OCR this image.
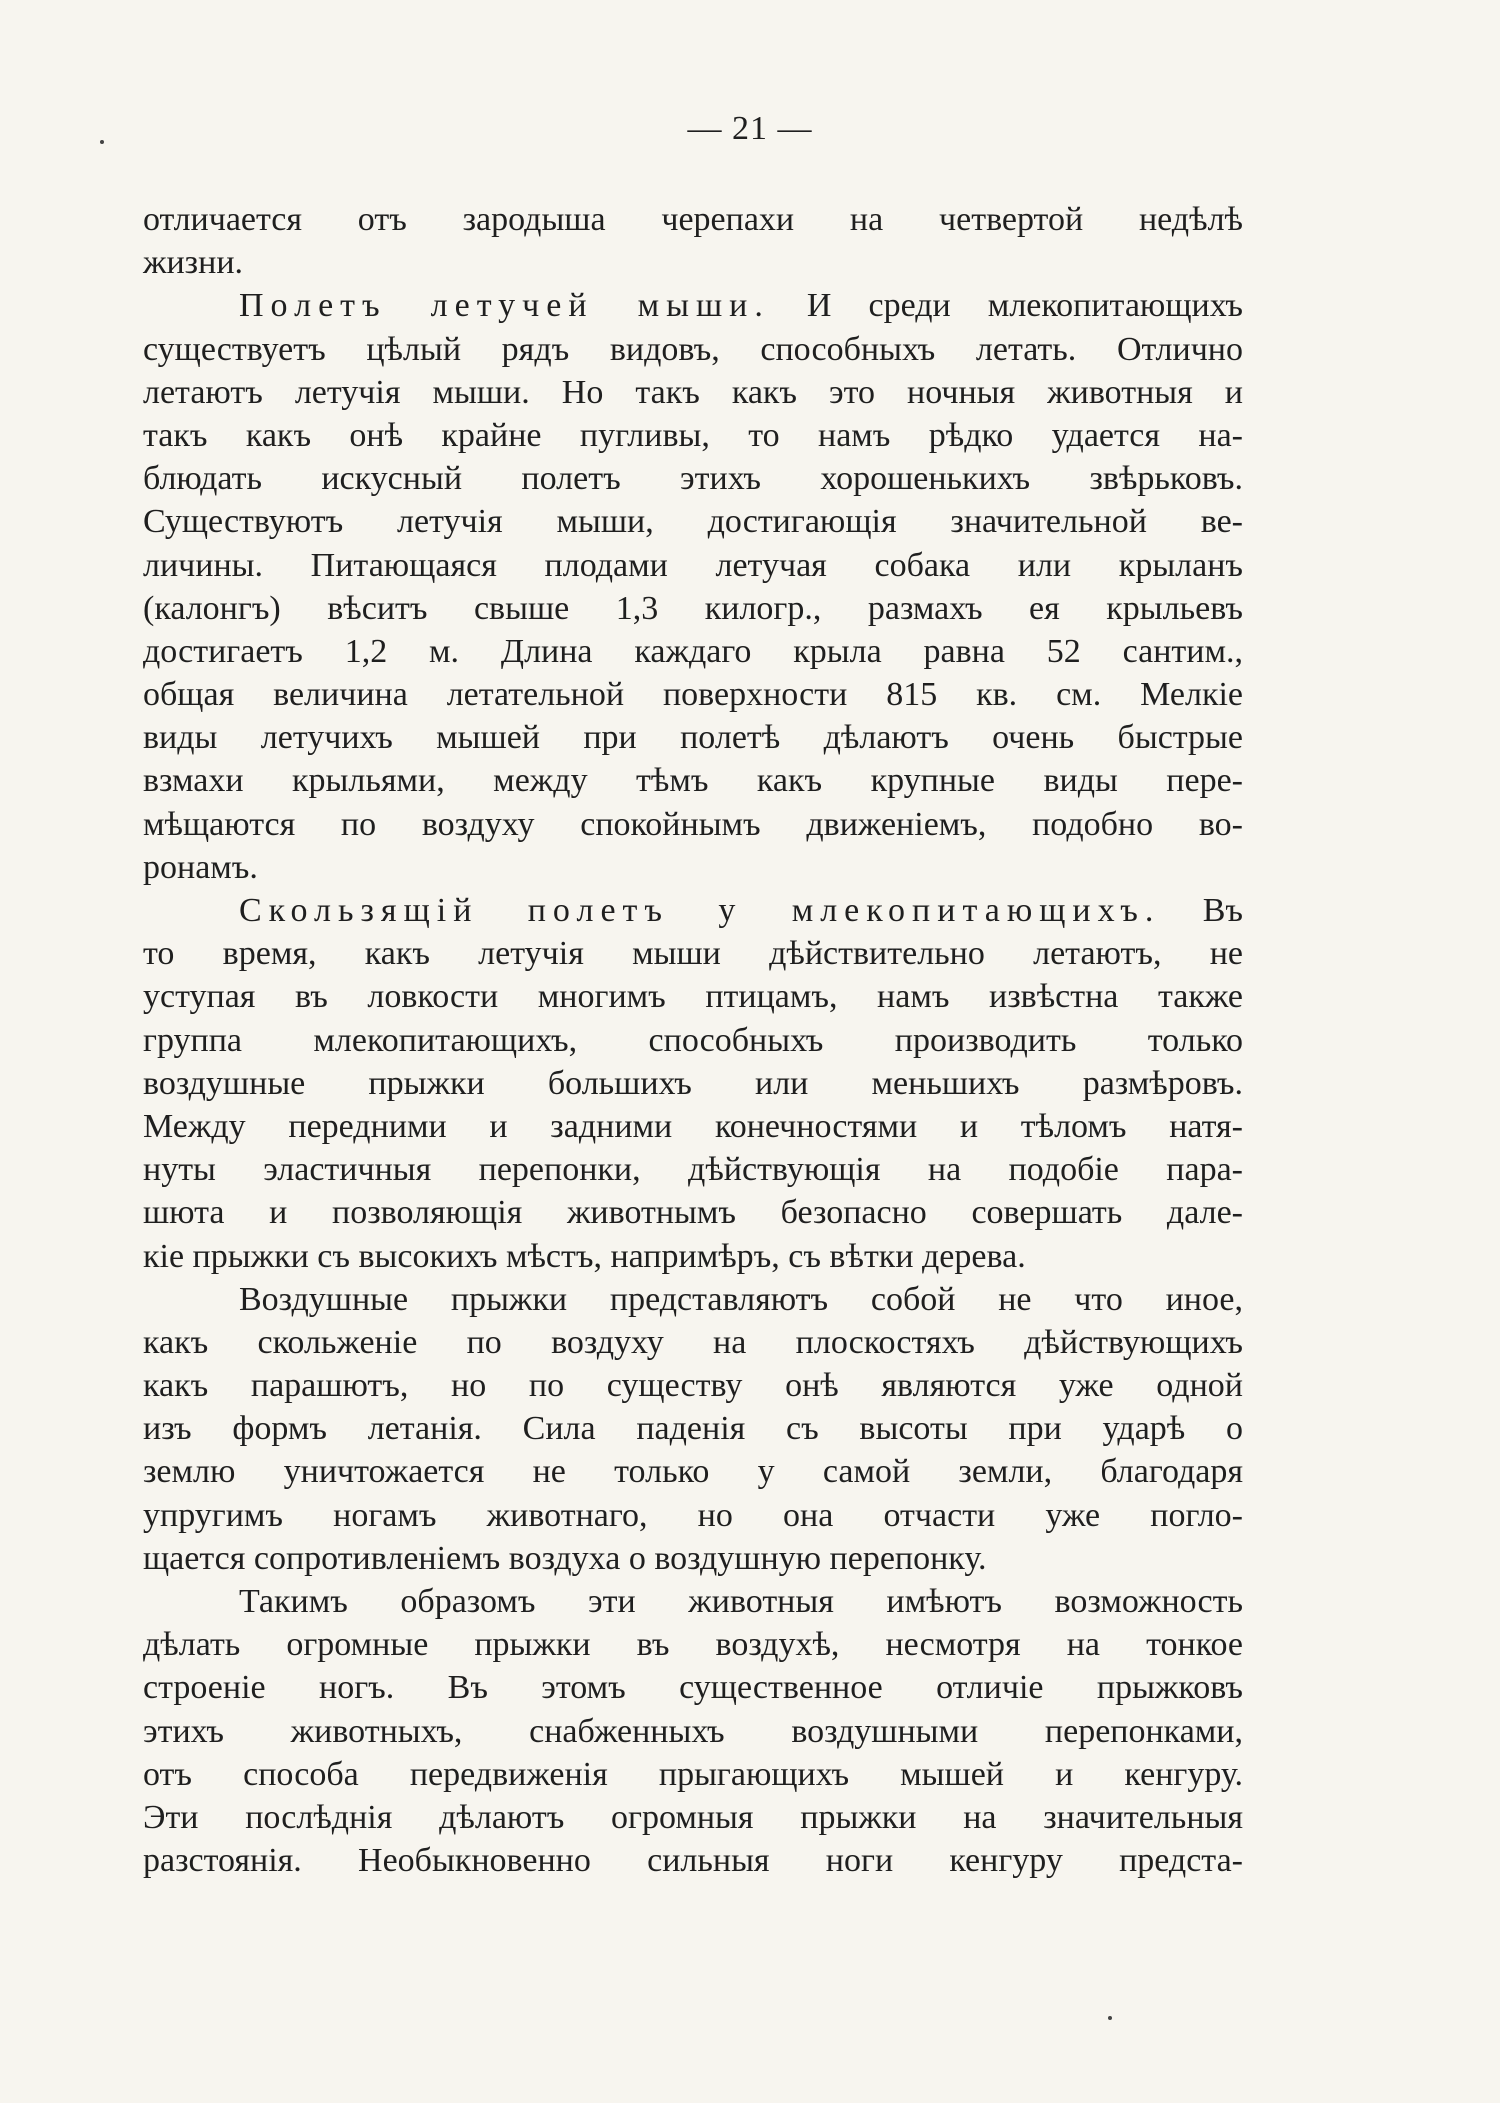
— 21 —
отличается отъ зародыша черепахи на четвертой недѣлѣ
жизни.
Полетъ летучей мыши. И среди млекопитающихъ
существуетъ цѣлый рядъ видовъ, способныхъ летать. Отлично
летаютъ летучія мыши. Но такъ какъ это ночныя животныя и
такъ какъ онѣ крайне пугливы, то намъ рѣдко удается на-
блюдать искусный полетъ этихъ хорошенькихъ звѣрьковъ.
Существуютъ летучія мыши, достигающія значительной ве-
личины. Питающаяся плодами летучая собака или крыланъ
(калонгъ) вѣситъ свыше 1,3 килогр., размахъ ея крыльевъ
достигаетъ 1,2 м. Длина каждаго крыла равна 52 сантим.,
общая величина летательной поверхности 815 кв. см. Мелкіе
виды летучихъ мышей при полетѣ дѣлаютъ очень быстрые
взмахи крыльями, между тѣмъ какъ крупные виды пере-
мѣщаются по воздуху спокойнымъ движеніемъ, подобно во-
ронамъ.
Скользящій полетъ у млекопитающихъ. Въ
то время, какъ летучія мыши дѣйствительно летаютъ, не
уступая въ ловкости многимъ птицамъ, намъ извѣстна также
группа млекопитающихъ, способныхъ производить только
воздушные прыжки большихъ или меньшихъ размѣровъ.
Между передними и задними конечностями и тѣломъ натя-
нуты эластичныя перепонки, дѣйствующія на подобіе пара-
шюта и позволяющія животнымъ безопасно совершать дале-
кіе прыжки съ высокихъ мѣстъ, напримѣръ, съ вѣтки дерева.
Воздушные прыжки представляютъ собой не что иное,
какъ скольженіе по воздуху на плоскостяхъ дѣйствующихъ
какъ парашютъ, но по существу онѣ являются уже одной
изъ формъ летанія. Сила паденія съ высоты при ударѣ о
землю уничтожается не только у самой земли, благодаря
упругимъ ногамъ животнаго, но она отчасти уже погло-
щается сопротивленіемъ воздуха о воздушную перепонку.
Такимъ образомъ эти животныя имѣютъ возможность
дѣлать огромные прыжки въ воздухѣ, несмотря на тонкое
строеніе ногъ. Въ этомъ существенное отличіе прыжковъ
этихъ животныхъ, снабженныхъ воздушными перепонками,
отъ способа передвиженія прыгающихъ мышей и кенгуру.
Эти послѣднія дѣлаютъ огромныя прыжки на значительныя
разстоянія. Необыкновенно сильныя ноги кенгуру предста-
